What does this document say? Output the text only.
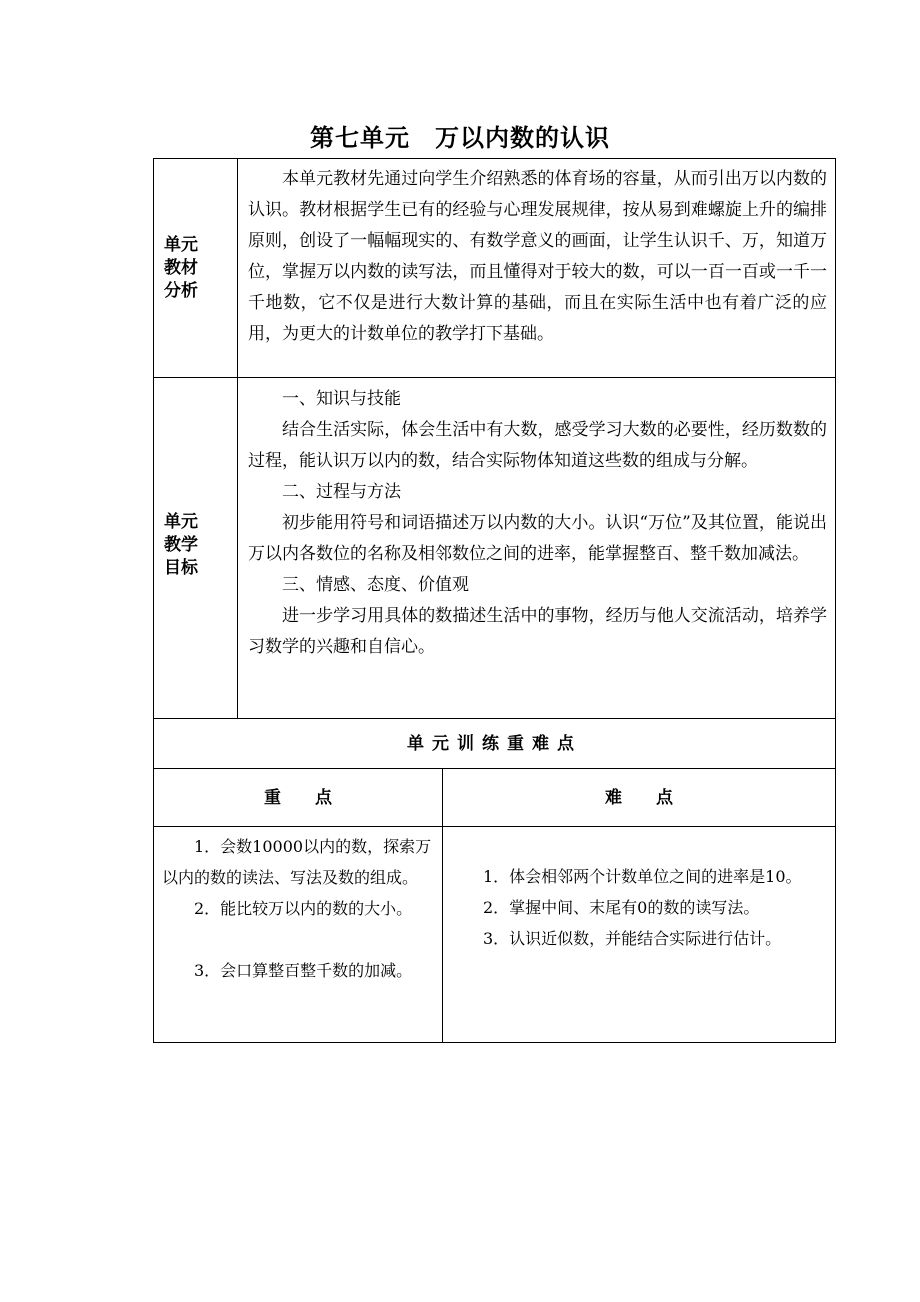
第七单元　万以内数的认识
单元
教材
分析

本单元教材先通过向学生介绍熟悉的体育场的容量，从而引出万以内数的认识。教材根据学生已有的经验与心理发展规律，按从易到难螺旋上升的编排原则，创设了一幅幅现实的、有数学意义的画面，让学生认识千、万，知道万位，掌握万以内数的读写法，而且懂得对于较大的数，可以一百一百或一千一千地数，它不仅是进行大数计算的基础，而且在实际生活中也有着广泛的应用，为更大的计数单位的教学打下基础。

单元
教学
目标

一、知识与技能

结合生活实际，体会生活中有大数，感受学习大数的必要性，经历数数的过程，能认识万以内的数，结合实际物体知道这些数的组成与分解。

二、过程与方法

初步能用符号和词语描述万以内数的大小。认识“万位”及其位置，能说出万以内各数位的名称及相邻数位之间的进率，能掌握整百、整千数加减法。

三、情感、态度、价值观

进一步学习用具体的数描述生活中的事物，经历与他人交流活动，培养学习数学的兴趣和自信心。

单元训练重难点
重　　点	难　　点

1．会数10000以内的数，探索万以内的数的读法、写法及数的组成。

2．能比较万以内的数的大小。

3．会口算整百整千数的加减。

1．体会相邻两个计数单位之间的进率是10。

2．掌握中间、末尾有0的数的读写法。

3．认识近似数，并能结合实际进行估计。
